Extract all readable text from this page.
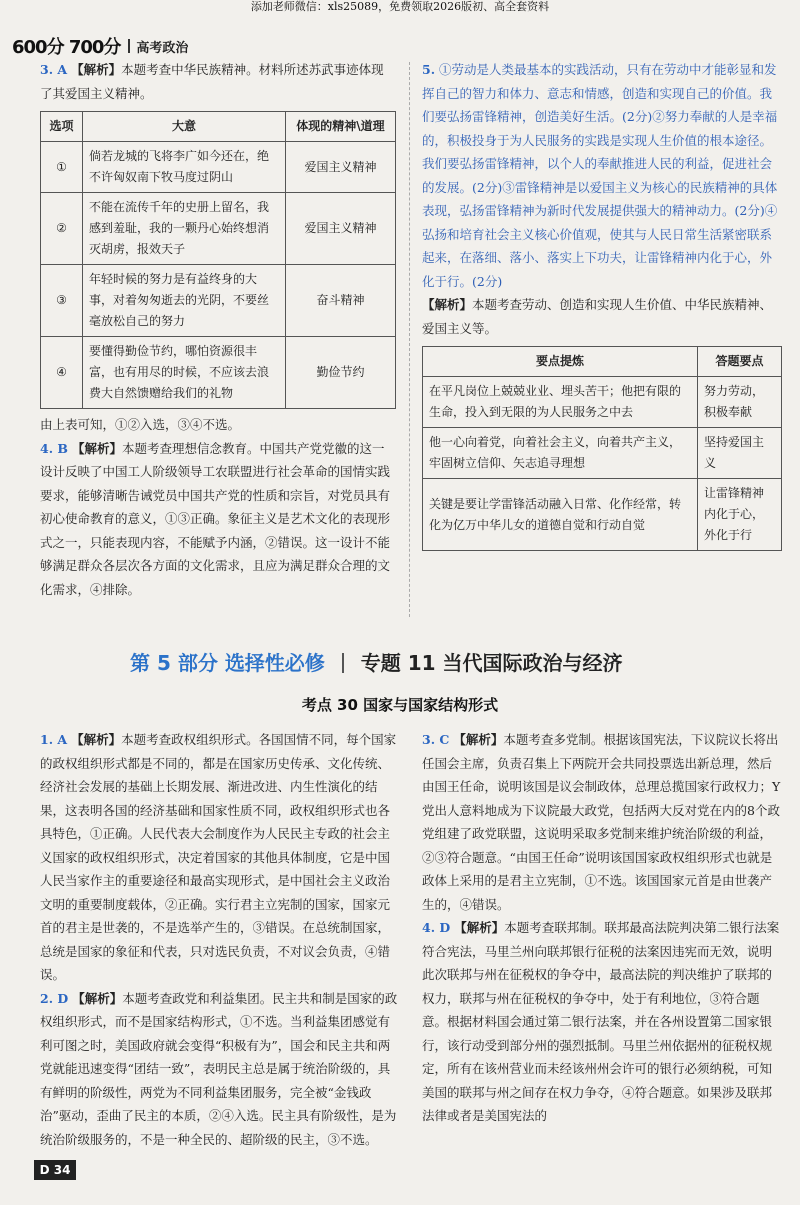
添加老师微信：xls25089，免费领取2026版初、高全套资料
600分 700分 高考政治

3. A 【解析】本题考查中华民族精神。材料所述苏武事迹体现了其爱国主义精神。

选项	大意	体现的精神\道理
①	倘若龙城的飞将李广如今还在，绝不许匈奴南下牧马度过阴山	爱国主义精神
②	不能在流传千年的史册上留名，我感到羞耻，我的一颗丹心始终想消灭胡虏，报效天子	爱国主义精神
③	年轻时候的努力是有益终身的大事，对着匆匆逝去的光阴，不要丝毫放松自己的努力	奋斗精神
④	要懂得勤俭节约，哪怕资源很丰富，也有用尽的时候，不应该去浪费大自然馈赠给我们的礼物	勤俭节约

由上表可知，①②入选，③④不选。

4. B 【解析】本题考查理想信念教育。中国共产党党徽的这一设计反映了中国工人阶级领导工农联盟进行社会革命的国情实践要求，能够清晰告诫党员中国共产党的性质和宗旨，对党员具有初心使命教育的意义，①③正确。象征主义是艺术文化的表现形式之一，只能表现内容，不能赋予内涵，②错误。这一设计不能够满足群众各层次各方面的文化需求，且应为满足群众合理的文化需求，④排除。

5. ①劳动是人类最基本的实践活动，只有在劳动中才能彰显和发挥自己的智力和体力、意志和情感，创造和实现自己的价值。我们要弘扬雷锋精神，创造美好生活。(2分)②努力奉献的人是幸福的，积极投身于为人民服务的实践是实现人生价值的根本途径。我们要弘扬雷锋精神，以个人的奉献推进人民的利益，促进社会的发展。(2分)③雷锋精神是以爱国主义为核心的民族精神的具体表现，弘扬雷锋精神为新时代发展提供强大的精神动力。(2分)④弘扬和培育社会主义核心价值观，使其与人民日常生活紧密联系起来，在落细、落小、落实上下功夫，让雷锋精神内化于心，外化于行。(2分)

【解析】本题考查劳动、创造和实现人生价值、中华民族精神、爱国主义等。

要点提炼	答题要点
在平凡岗位上兢兢业业、埋头苦干；他把有限的生命，投入到无限的为人民服务之中去	努力劳动，积极奉献
他一心向着党，向着社会主义，向着共产主义，牢固树立信仰、矢志追寻理想	坚持爱国主义
关键是要让学雷锋活动融入日常、化作经常，转化为亿万中华儿女的道德自觉和行动自觉	让雷锋精神内化于心，外化于行
第 5 部分 选择性必修 专题 11 当代国际政治与经济
考点 30 国家与国家结构形式

1. A 【解析】本题考查政权组织形式。各国国情不同，每个国家的政权组织形式都是不同的，都是在国家历史传承、文化传统、经济社会发展的基础上长期发展、渐进改进、内生性演化的结果，这表明各国的经济基础和国家性质不同，政权组织形式也各具特色，①正确。人民代表大会制度作为人民民主专政的社会主义国家的政权组织形式，决定着国家的其他具体制度，它是中国人民当家作主的重要途径和最高实现形式，是中国社会主义政治文明的重要制度载体，②正确。实行君主立宪制的国家，国家元首的君主是世袭的，不是选举产生的，③错误。在总统制国家，总统是国家的象征和代表，只对选民负责，不对议会负责，④错误。

2. D 【解析】本题考查政党和利益集团。民主共和制是国家的政权组织形式，而不是国家结构形式，①不选。当利益集团感觉有利可图之时，美国政府就会变得“积极有为”，国会和民主共和两党就能迅速变得“团结一致”，表明民主总是属于统治阶级的，具有鲜明的阶级性，两党为不同利益集团服务，完全被“金钱政治”驱动，歪曲了民主的本质，②④入选。民主具有阶级性，是为统治阶级服务的，不是一种全民的、超阶级的民主，③不选。

3. C 【解析】本题考查多党制。根据该国宪法，下议院议长将出任国会主席，负责召集上下两院开会共同投票选出新总理，然后由国王任命，说明该国是议会制政体，总理总揽国家行政权力；Y党出人意料地成为下议院最大政党，包括两大反对党在内的8个政党组建了政党联盟，这说明采取多党制来维护统治阶级的利益，②③符合题意。“由国王任命”说明该国国家政权组织形式也就是政体上采用的是君主立宪制，①不选。该国国家元首是由世袭产生的，④错误。

4. D 【解析】本题考查联邦制。联邦最高法院判决第二银行法案符合宪法，马里兰州向联邦银行征税的法案因违宪而无效，说明此次联邦与州在征税权的争夺中，最高法院的判决维护了联邦的权力，联邦与州在征税权的争夺中，处于有利地位，③符合题意。根据材料国会通过第二银行法案，并在各州设置第二国家银行，该行动受到部分州的强烈抵制。马里兰州依据州的征税权规定，所有在该州营业而未经该州州会许可的银行必须纳税，可知美国的联邦与州之间存在权力争夺，④符合题意。如果涉及联邦法律或者是美国宪法的

D 34
